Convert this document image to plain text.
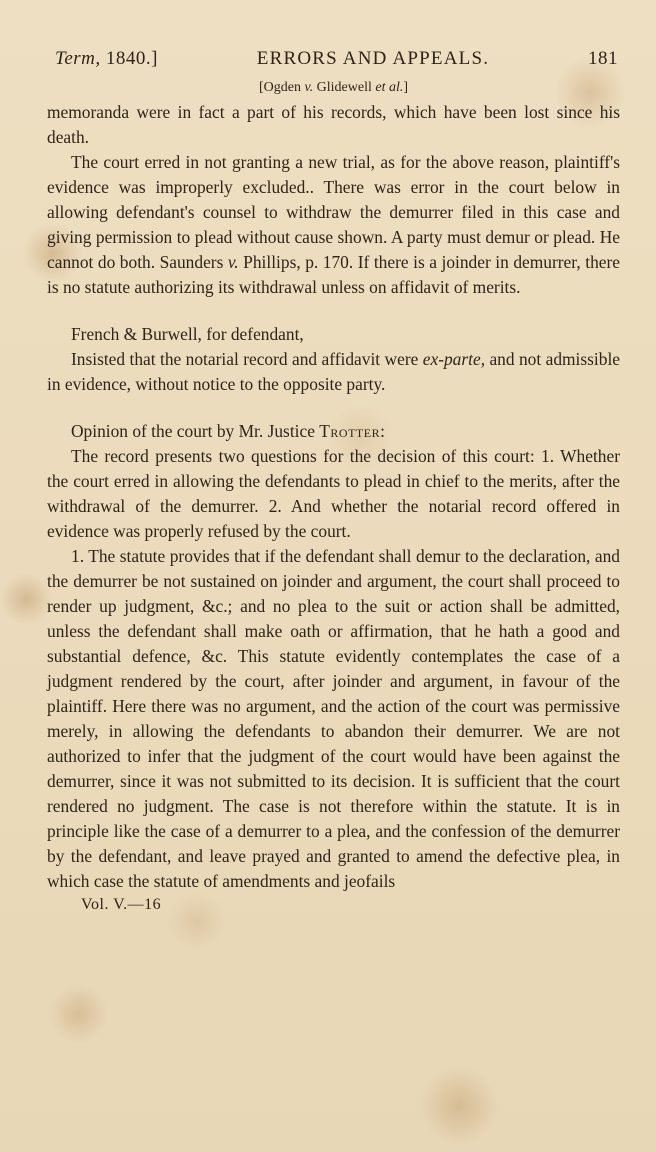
Term, 1840.]	ERRORS AND APPEALS.	181
[Ogden v. Glidewell et al.]

memoranda were in fact a part of his records, which have been lost since his death.

The court erred in not granting a new trial, as for the above reason, plaintiff's evidence was improperly excluded.. There was error in the court below in allowing defendant's counsel to withdraw the demurrer filed in this case and giving permission to plead without cause shown. A party must demur or plead. He cannot do both. Saunders v. Phillips, p. 170. If there is a joinder in demurrer, there is no statute authorizing its withdrawal unless on affidavit of merits.

French & Burwell, for defendant,

Insisted that the notarial record and affidavit were ex-parte, and not admissible in evidence, without notice to the opposite party.

Opinion of the court by Mr. Justice Trotter:

The record presents two questions for the decision of this court: 1. Whether the court erred in allowing the defendants to plead in chief to the merits, after the withdrawal of the demurrer. 2. And whether the notarial record offered in evidence was properly refused by the court.

1. The statute provides that if the defendant shall demur to the declaration, and the demurrer be not sustained on joinder and argument, the court shall proceed to render up judgment, &c.; and no plea to the suit or action shall be admitted, unless the defendant shall make oath or affirmation, that he hath a good and substantial defence, &c. This statute evidently contemplates the case of a judgment rendered by the court, after joinder and argument, in favour of the plaintiff. Here there was no argument, and the action of the court was permissive merely, in allowing the defendants to abandon their demurrer. We are not authorized to infer that the judgment of the court would have been against the demurrer, since it was not submitted to its decision. It is sufficient that the court rendered no judgment. The case is not therefore within the statute. It is in principle like the case of a demurrer to a plea, and the confession of the demurrer by the defendant, and leave prayed and granted to amend the defective plea, in which case the statute of amendments and jeofails

Vol. V.—16
